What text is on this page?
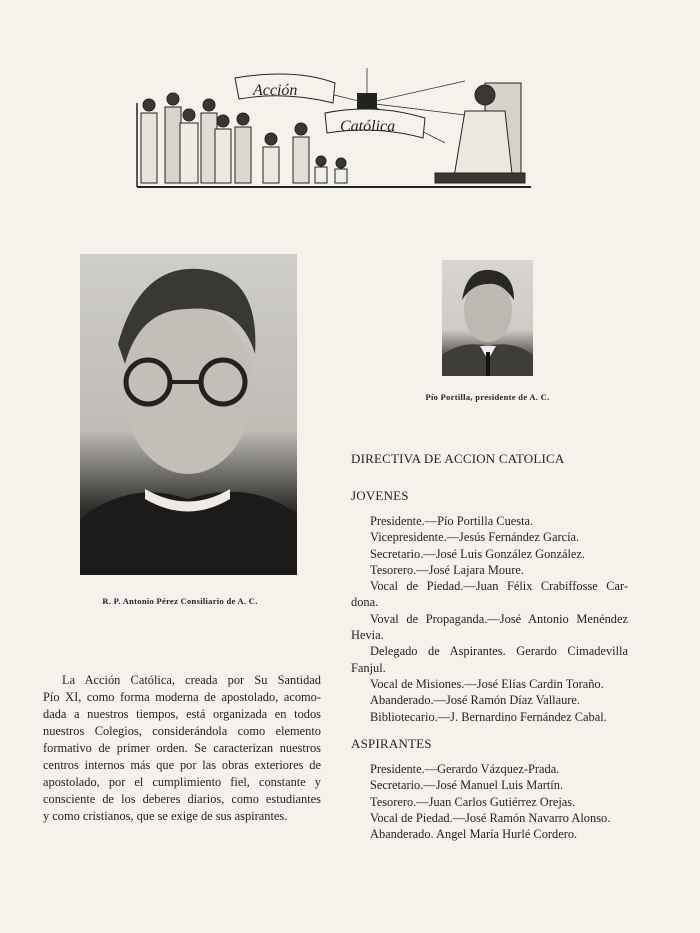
Acción
Católica
R. P. Antonio Pérez Consiliario de A. C.
Pío Portilla, presidente de A. C.
DIRECTIVA DE ACCION CATOLICA
JOVENES
Presidente.—Pío Portilla Cuesta.
Vicepresidente.—Jesús Fernández García.
Secretario.—José Luis González González.
Tesorero.—José Lajara Moure.
Vocal de Piedad.—Juan Félix Crabiffosse Car-
dona.
Voval de Propaganda.—José Antonio Menéndez
Hevia.
Delegado de Aspirantes. Gerardo Cimadevilla
Fanjul.
Vocal de Misiones.—José Elías Cardin Toraño.
Abanderado.—José Ramón Díaz Vallaure.
Bibliotecario.—J. Bernardino Fernández Cabal.
ASPIRANTES
Presidente.—Gerardo Vázquez-Prada.
Secretario.—José Manuel Luis Martín.
Tesorero.—Juan Carlos Gutiérrez Orejas.
Vocal de Piedad.—José Ramón Navarro Alonso.
Abanderado. Angel María Hurlé Cordero.
La Acción Católica, creada por Su Santidad
Pío XI, como forma moderna de apostolado, acomo-
dada a nuestros tiempos, está organizada en todos
nuestros Colegios, considerándola como elemento
formativo de primer orden. Se caracterizan nuestros
centros internos más que por las obras exteriores de
apostolado, por el cumplimiento fiel, constante y
consciente de los deberes diarios, como estudiantes
y como cristianos, que se exige de sus aspirantes.
